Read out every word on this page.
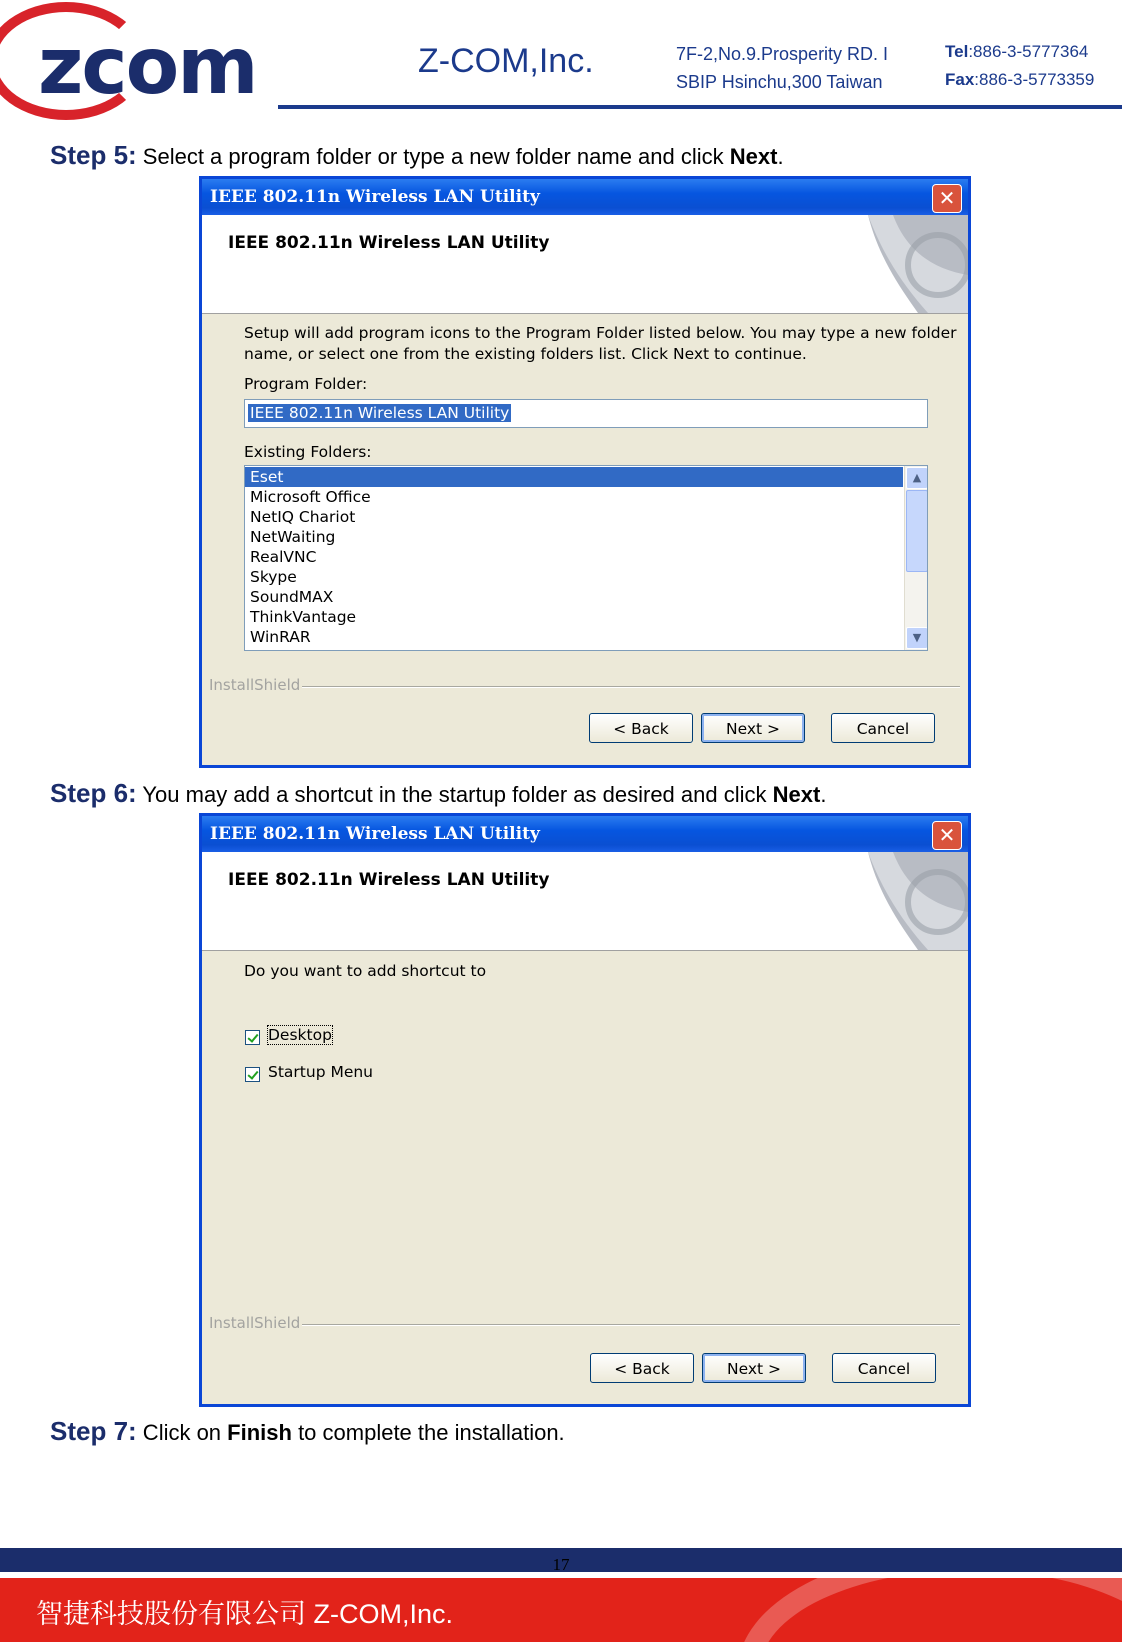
zcom	Z-COM,Inc.	7F-2,No.9.Prosperity RD. I
SBIP Hsinchu,300 Taiwan
Tel:886-3-5777364
Fax:886-3-5773359
Step 5: Select a program folder or type a new folder name and click Next.
IEEE 802.11n Wireless LAN Utility	✕
IEEE 802.11n Wireless LAN Utility
Setup will add program icons to the Program Folder listed below. You may type a new folder
name, or select one from the existing folders list. Click Next to continue.
Program Folder:
IEEE 802.11n Wireless LAN Utility
Existing Folders:
Eset
Microsoft Office
NetIQ Chariot
NetWaiting
RealVNC
Skype
SoundMAX
ThinkVantage
WinRAR
▲
▼
InstallShield
< Back	Next >	Cancel
Step 6: You may add a shortcut in the startup folder as desired and click Next.
IEEE 802.11n Wireless LAN Utility	✕
IEEE 802.11n Wireless LAN Utility
Do you want to add shortcut to
Desktop
Startup Menu
InstallShield
< Back	Next >	Cancel
Step 7: Click on Finish to complete the installation.
17
智捷科技股份有限公司 Z-COM,Inc.
